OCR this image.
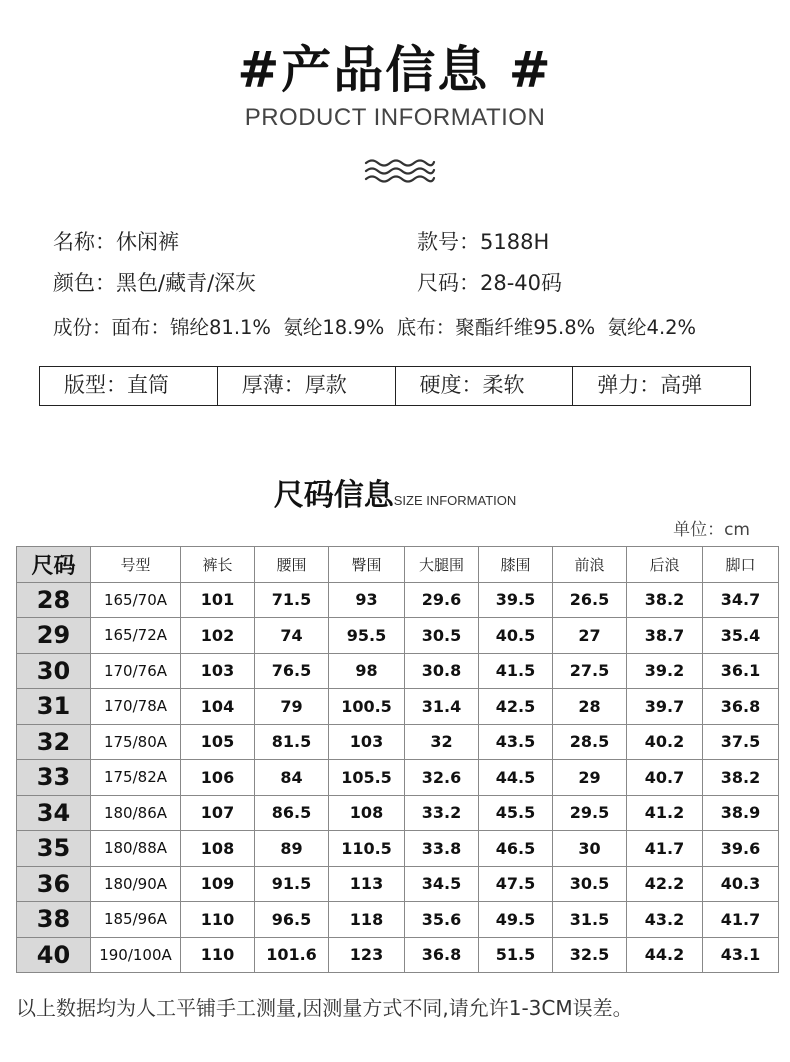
#产品信息 #
PRODUCT INFORMATION
名称：休闲裤	款号：5188H
颜色：黑色/藏青/深灰	尺码：28-40码
成份：面布：锦纶81.1%  氨纶18.9%  底布：聚酯纤维95.8%  氨纶4.2%
版型：直筒	厚薄：厚款	硬度：柔软	弹力：高弹
尺码信息SIZE INFORMATION
单位：cm
尺码	号型	裤长	腰围	臀围	大腿围	膝围	前浪	后浪	脚口
28	165/70A	101	71.5	93	29.6	39.5	26.5	38.2	34.7
29	165/72A	102	74	95.5	30.5	40.5	27	38.7	35.4
30	170/76A	103	76.5	98	30.8	41.5	27.5	39.2	36.1
31	170/78A	104	79	100.5	31.4	42.5	28	39.7	36.8
32	175/80A	105	81.5	103	32	43.5	28.5	40.2	37.5
33	175/82A	106	84	105.5	32.6	44.5	29	40.7	38.2
34	180/86A	107	86.5	108	33.2	45.5	29.5	41.2	38.9
35	180/88A	108	89	110.5	33.8	46.5	30	41.7	39.6
36	180/90A	109	91.5	113	34.5	47.5	30.5	42.2	40.3
38	185/96A	110	96.5	118	35.6	49.5	31.5	43.2	41.7
40	190/100A	110	101.6	123	36.8	51.5	32.5	44.2	43.1
以上数据均为人工平铺手工测量,因测量方式不同,请允许1-3CM误差。
